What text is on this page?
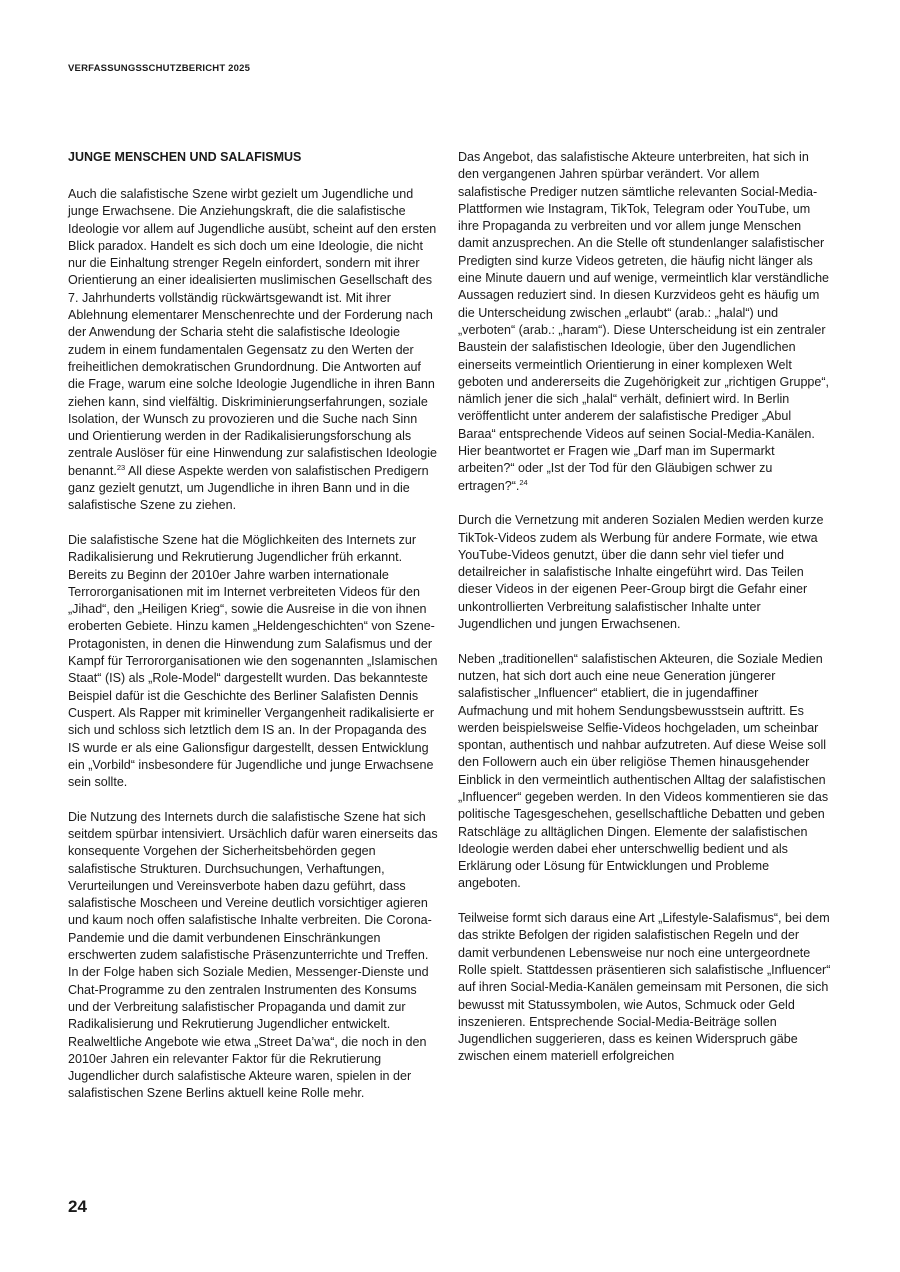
VERFASSUNGSSCHUTZBERICHT 2025
JUNGE MENSCHEN UND SALAFISMUS

Auch die salafistische Szene wirbt gezielt um Jugendliche und junge Erwachsene. Die Anziehungskraft, die die salafistische Ideologie vor allem auf Jugendliche ausübt, scheint auf den ersten Blick paradox. Handelt es sich doch um eine Ideologie, die nicht nur die Einhaltung strenger Regeln einfordert, sondern mit ihrer Orientierung an einer idealisierten muslimischen Gesellschaft des 7. Jahrhunderts vollständig rückwärtsgewandt ist. Mit ihrer Ablehnung elementarer Menschenrechte und der Forderung nach der Anwendung der Scharia steht die salafistische Ideologie zudem in einem fundamentalen Gegensatz zu den Werten der freiheitlichen demokratischen Grundordnung. Die Antworten auf die Frage, warum eine solche Ideologie Jugendliche in ihren Bann ziehen kann, sind vielfältig. Diskriminierungserfahrungen, soziale Isolation, der Wunsch zu provozieren und die Suche nach Sinn und Orientierung werden in der Radikalisierungsforschung als zentrale Auslöser für eine Hinwendung zur salafistischen Ideologie benannt.$^{23}$ All diese Aspekte werden von salafistischen Predigern ganz gezielt genutzt, um Jugendliche in ihren Bann und in die salafistische Szene zu ziehen.

Die salafistische Szene hat die Möglichkeiten des Internets zur Radikalisierung und Rekrutierung Jugendlicher früh erkannt. Bereits zu Beginn der 2010er Jahre warben internationale Terrororganisationen mit im Internet verbreiteten Videos für den „Jihad“, den „Heiligen Krieg“, sowie die Ausreise in die von ihnen eroberten Gebiete. Hinzu kamen „Heldengeschichten“ von Szene-Protagonisten, in denen die Hinwendung zum Salafismus und der Kampf für Terrororganisationen wie den sogenannten „Islamischen Staat“ (IS) als „Role-Model“ dargestellt wurden. Das bekannteste Beispiel dafür ist die Geschichte des Berliner Salafisten Dennis Cuspert. Als Rapper mit krimineller Vergangenheit radikalisierte er sich und schloss sich letztlich dem IS an. In der Propaganda des IS wurde er als eine Galionsfigur dargestellt, dessen Entwicklung ein „Vorbild“ insbesondere für Jugendliche und junge Erwachsene sein sollte.

Die Nutzung des Internets durch die salafistische Szene hat sich seitdem spürbar intensiviert. Ursächlich dafür waren einerseits das konsequente Vorgehen der Sicherheitsbehörden gegen salafistische Strukturen. Durchsuchungen, Verhaftungen, Verurteilungen und Vereinsverbote haben dazu geführt, dass salafistische Moscheen und Vereine deutlich vorsichtiger agieren und kaum noch offen salafistische Inhalte verbreiten. Die Corona-Pandemie und die damit verbundenen Einschränkungen erschwerten zudem salafistische Präsenzunterrichte und Treffen. In der Folge haben sich Soziale Medien, Messenger-Dienste und Chat-Programme zu den zentralen Instrumenten des Konsums und der Verbreitung salafistischer Propaganda und damit zur Radikalisierung und Rekrutierung Jugendlicher entwickelt. Realweltliche Angebote wie etwa „Street Da’wa“, die noch in den 2010er Jahren ein relevanter Faktor für die Rekrutierung Jugendlicher durch salafistische Akteure waren, spielen in der salafistischen Szene Berlins aktuell keine Rolle mehr.

Das Angebot, das salafistische Akteure unterbreiten, hat sich in den vergangenen Jahren spürbar verändert. Vor allem salafistische Prediger nutzen sämtliche relevanten Social-Media-Plattformen wie Instagram, TikTok, Telegram oder YouTube, um ihre Propaganda zu verbreiten und vor allem junge Menschen damit anzusprechen. An die Stelle oft stundenlanger salafistischer Predigten sind kurze Videos getreten, die häufig nicht länger als eine Minute dauern und auf wenige, vermeintlich klar verständliche Aussagen reduziert sind. In diesen Kurzvideos geht es häufig um die Unterscheidung zwischen „erlaubt“ (arab.: „halal“) und „verboten“ (arab.: „haram“). Diese Unterscheidung ist ein zentraler Baustein der salafistischen Ideologie, über den Jugendlichen einerseits vermeintlich Orientierung in einer komplexen Welt geboten und andererseits die Zugehörigkeit zur „richtigen Gruppe“, nämlich jener die sich „halal“ verhält, definiert wird. In Berlin veröffentlicht unter anderem der salafistische Prediger „Abul Baraa“ entsprechende Videos auf seinen Social-Media-Kanälen. Hier beantwortet er Fragen wie „Darf man im Supermarkt arbeiten?“ oder „Ist der Tod für den Gläubigen schwer zu ertragen?“.$^{24}$

Durch die Vernetzung mit anderen Sozialen Medien werden kurze TikTok-Videos zudem als Werbung für andere Formate, wie etwa YouTube-Videos genutzt, über die dann sehr viel tiefer und detailreicher in salafistische Inhalte eingeführt wird. Das Teilen dieser Videos in der eigenen Peer-Group birgt die Gefahr einer unkontrollierten Verbreitung salafistischer Inhalte unter Jugendlichen und jungen Erwachsenen.

Neben „traditionellen“ salafistischen Akteuren, die Soziale Medien nutzen, hat sich dort auch eine neue Generation jüngerer salafistischer „Influencer“ etabliert, die in jugendaffiner Aufmachung und mit hohem Sendungsbewusstsein auftritt. Es werden beispielsweise Selfie-Videos hochgeladen, um scheinbar spontan, authentisch und nahbar aufzutreten. Auf diese Weise soll den Followern auch ein über religiöse Themen hinausgehender Einblick in den vermeintlich authentischen Alltag der salafistischen „Influencer“ gegeben werden. In den Videos kommentieren sie das politische Tagesgeschehen, gesellschaftliche Debatten und geben Ratschläge zu alltäglichen Dingen. Elemente der salafistischen Ideologie werden dabei eher unterschwellig bedient und als Erklärung oder Lösung für Entwicklungen und Probleme angeboten.

Teilweise formt sich daraus eine Art „Lifestyle-Salafismus“, bei dem das strikte Befolgen der rigiden salafistischen Regeln und der damit verbundenen Lebensweise nur noch eine untergeordnete Rolle spielt. Stattdessen präsentieren sich salafistische „Influencer“ auf ihren Social-Media-Kanälen gemeinsam mit Personen, die sich bewusst mit Statussymbolen, wie Autos, Schmuck oder Geld inszenieren. Entsprechende Social-Media-Beiträge sollen Jugendlichen suggerieren, dass es keinen Widerspruch gäbe zwischen einem materiell erfolgreichen

24
